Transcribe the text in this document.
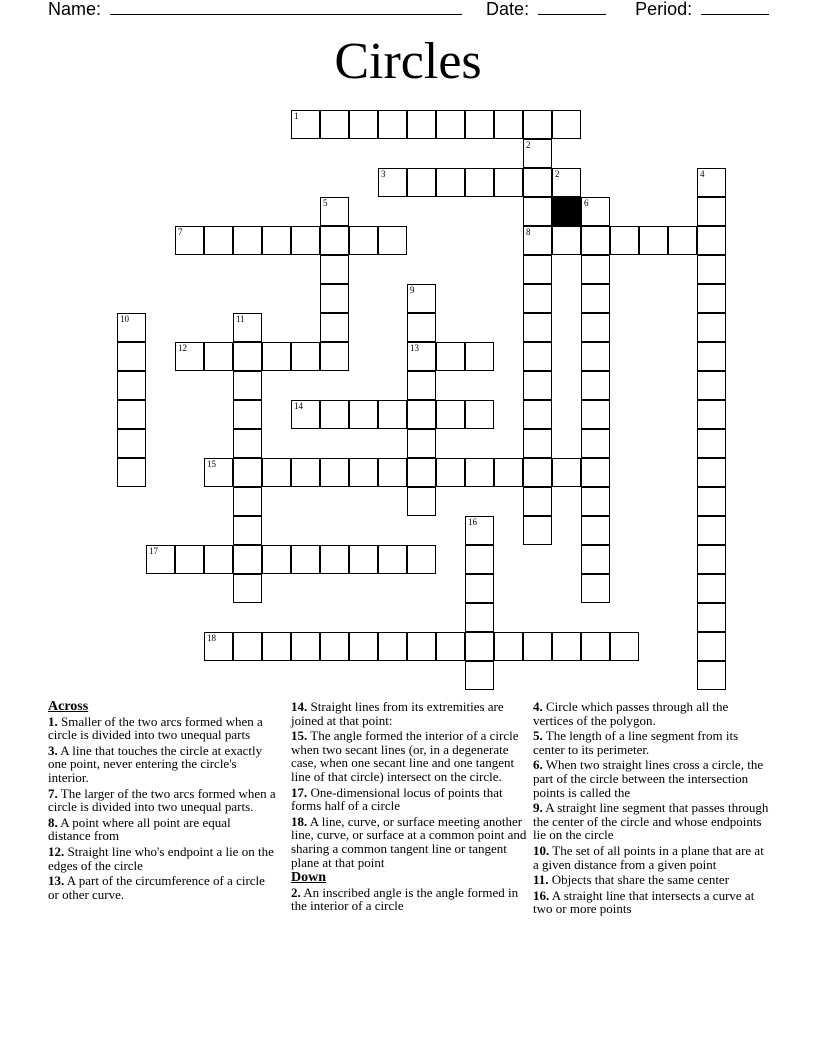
Name:	Date:	Period:
Circles
1
2
3	2	4
5	6
7	8
9
10	11
12	13
14
15
16
17
18
Across

1. Smaller of the two arcs formed when a circle is divided into two unequal parts

3. A line that touches the circle at exactly one point, never entering the circle's interior.

7. The larger of the two arcs formed when a circle is divided into two unequal parts.

8. A point where all point are equal distance from

12. Straight line who's endpoint a lie on the edges of the circle

13. A part of the circumference of a circle or other curve.

14. Straight lines from its extremities are joined at that point:

15. The angle formed the interior of a circle when two secant lines (or, in a degenerate case, when one secant line and one tangent line of that circle) intersect on the circle.

17. One-dimensional locus of points that forms half of a circle

18. A line, curve, or surface meeting another line, curve, or surface at a common point and sharing a common tangent line or tangent plane at that point

Down

2. An inscribed angle is the angle formed in the interior of a circle

4. Circle which passes through all the vertices of the polygon.

5. The length of a line segment from its center to its perimeter.

6. When two straight lines cross a circle, the part of the circle between the intersection points is called the

9. A straight line segment that passes through the center of the circle and whose endpoints lie on the circle

10. The set of all points in a plane that are at a given distance from a given point

11. Objects that share the same center

16. A straight line that intersects a curve at two or more points
